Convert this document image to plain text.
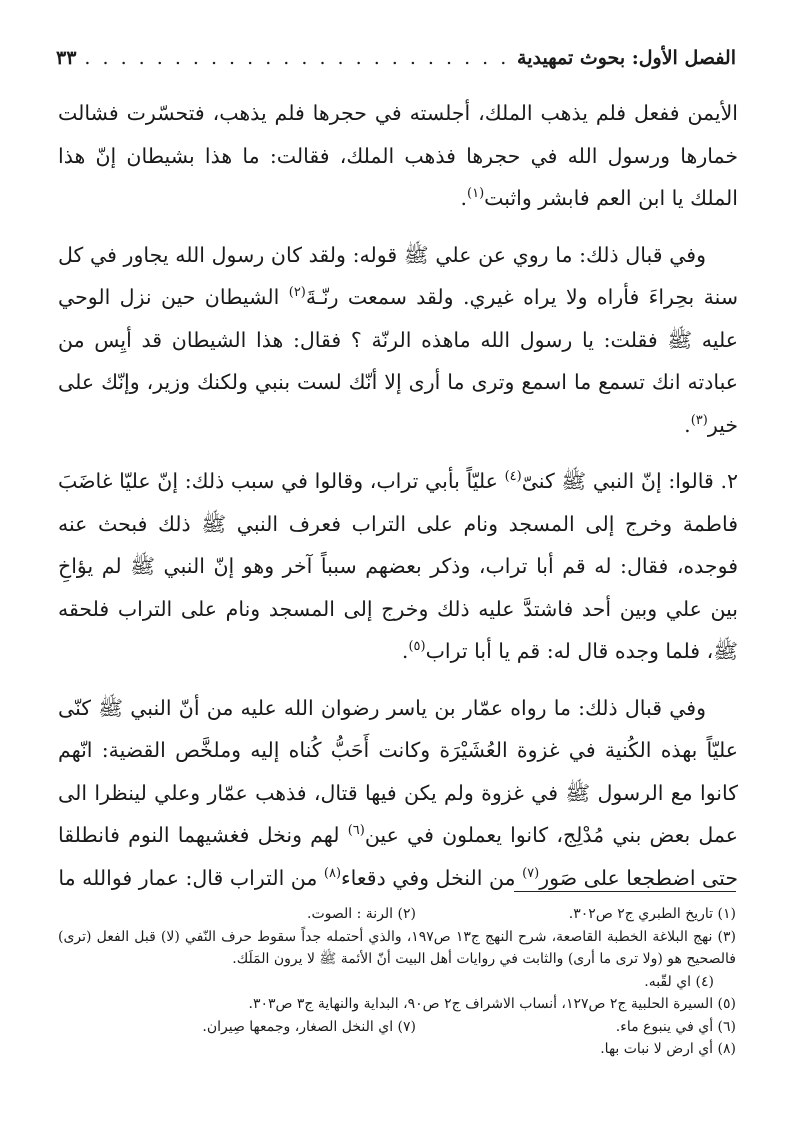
الفصل الأول: بحوث تمهيدية
. . .
٣٣

الأيمن ففعل فلم يذهب الملك، أجلسته في حجرها فلم يذهب، فتحسّرت فشالت خمارها ورسول الله في حجرها فذهب الملك، فقالت: ما هذا بشيطان إنّ هذا الملك يا ابن العم فابشر واثبت$^{(١)}$.

وفي قبال ذلك: ما روي عن علي ﷺ قوله: ولقد كان رسول الله يجاور في كل سنة بحِراءَ فأراه ولا يراه غيري. ولقد سمعت رنّـةَ$^{(٢)}$ الشيطان حين نزل الوحي عليه ﷺ فقلت: يا رسول الله ماهذه الرنّة ؟ فقال: هذا الشيطان قد أيِس من عبادته انك تسمع ما اسمع وترى ما أرى إلا أنّك لست بنبي ولكنك وزير، وإنّك على خير$^{(٣)}$.

٢. قالوا: إنّ النبي ﷺ كنىّ$^{(٤)}$ عليّاً بأبي تراب، وقالوا في سبب ذلك: إنّ عليّا غاضَبَ فاطمة وخرج إلى المسجد ونام على التراب فعرف النبي ﷺ ذلك فبحث عنه فوجده، فقال: له قم أبا تراب، وذكر بعضهم سبباً آخر وهو إنّ النبي ﷺ لم يؤاخِ بين علي وبين أحد فاشتدَّ عليه ذلك وخرج إلى المسجد ونام على التراب فلحقه ﷺ، فلما وجده قال له: قم يا أبا تراب$^{(٥)}$.

وفي قبال ذلك: ما رواه عمّار بن ياسر رضوان الله عليه من أنّ النبي ﷺ كنّى عليّاً بهذه الكُنية في غزوة العُشَيْرَة وكانت أَحَبُّ كُناه إليه وملخَّص القضية: انّهم كانوا مع الرسول ﷺ في غزوة ولم يكن فيها قتال، فذهب عمّار وعلي لينظرا الى عمل بعض بني مُدْلِج، كانوا يعملون في عين$^{(٦)}$ لهم ونخل فغشيهما النوم فانطلقا حتى اضطجعا على صَور$^{(٧)}$ من النخل وفي دقعاء$^{(٨)}$ من التراب قال: عمار فوالله ما

(١) تاريخ الطبري ج٢ ص٣٠٢.
(٢) الرنة : الصوت.
(٣) نهج البلاغة الخطبة القاصعة، شرح النهج ج١٣ ص١٩٧، والذي أحتمله جداً سقوط حرف النّفي (لا) قبل الفعل (ترى) فالصحيح هو (ولا ترى ما أرى) والثابت في روايات أهل البيت أنّ الأئمة ﷺ لا يرون المَلَك.
(٤) اي لقّبه.
(٥) السيرة الحلبية ج٢ ص١٢٧، أنساب الاشراف ج٢ ص٩٠، البداية والنهاية ج٣ ص٣٠٣.
(٦) أي في ينبوع ماء.
(٧) اي النخل الصغار، وجمعها صِيران.
(٨) أي ارض لا نبات بها.
